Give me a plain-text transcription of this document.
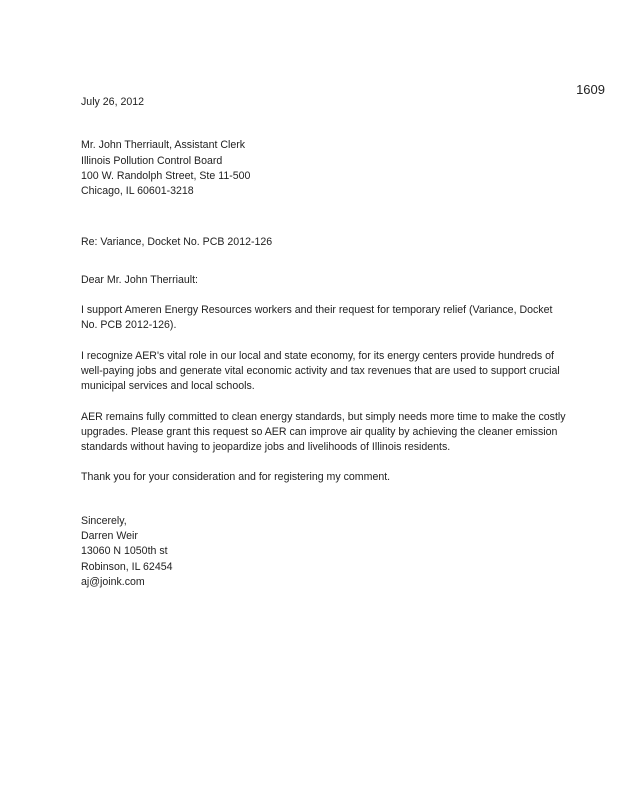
1609

July 26, 2012

Mr. John Therriault, Assistant Clerk
Illinois Pollution Control Board
100 W. Randolph Street, Ste 11-500
Chicago, IL 60601-3218

Re: Variance, Docket No. PCB 2012-126

Dear Mr. John Therriault:

I support Ameren Energy Resources workers and their request for temporary relief (Variance, Docket No. PCB 2012-126).

I recognize AER's vital role in our local and state economy, for its energy centers provide hundreds of well-paying jobs and generate vital economic activity and tax revenues that are used to support crucial municipal services and local schools.

AER remains fully committed to clean energy standards, but simply needs more time to make the costly upgrades. Please grant this request so AER can improve air quality by achieving the cleaner emission standards without having to jeopardize jobs and livelihoods of Illinois residents.

Thank you for your consideration and for registering my comment.

Sincerely,
Darren Weir
13060 N 1050th st
Robinson, IL 62454
aj@joink.com
